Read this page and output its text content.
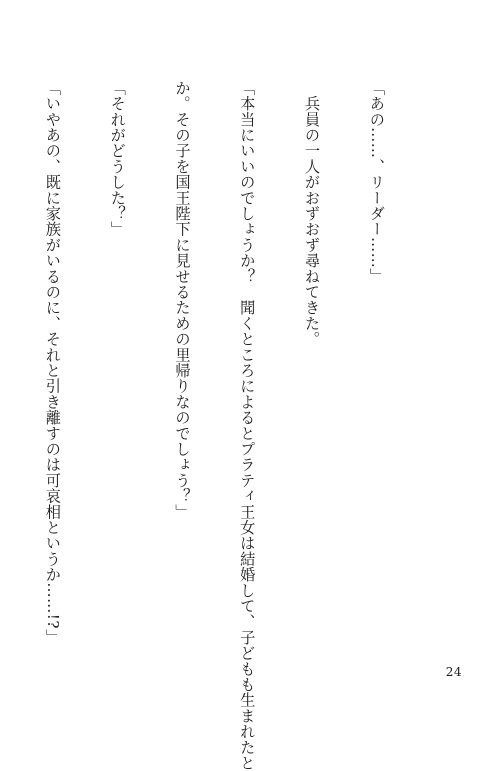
「あの……、リーダー……」

　兵員の一人がおずおず尋ねてきた。

「本当にいいのでしょうか？　聞くところによるとプラティ王女は結婚して、子どもも生まれたと

か。その子を国王陛下に見せるための里帰りなのでしょう？」

「それがどうした？」

「いやあの、既に家族がいるのに、それと引き離すのは可哀相というか……!?」

24
